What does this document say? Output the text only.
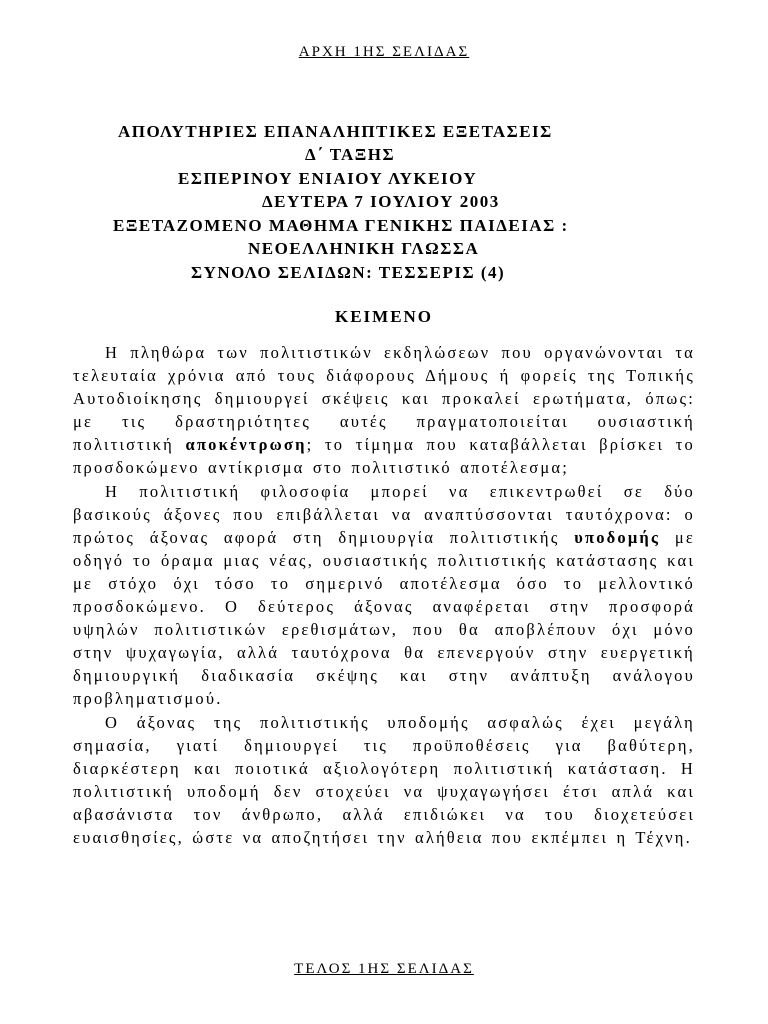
ΑΡΧΗ 1ΗΣ ΣΕΛΙΔΑΣ
ΑΠΟΛΥΤΗΡΙΕΣ ΕΠΑΝΑΛΗΠΤΙΚΕΣ ΕΞΕΤΑΣΕΙΣ
Δ΄ ΤΑΞΗΣ
ΕΣΠΕΡΙΝΟΥ ΕΝΙΑΙΟΥ ΛΥΚΕΙΟΥ
ΔΕΥΤΕΡΑ 7 ΙΟΥΛΙΟΥ 2003
ΕΞΕΤΑΖΟΜΕΝΟ ΜΑΘΗΜΑ ΓΕΝΙΚΗΣ ΠΑΙΔΕΙΑΣ :
ΝΕΟΕΛΛΗΝΙΚΗ ΓΛΩΣΣΑ
ΣΥΝΟΛΟ ΣΕΛΙΔΩΝ: ΤΕΣΣΕΡΙΣ (4)
ΚΕΙΜΕΝΟ

Η πληθώρα των πολιτιστικών εκδηλώσεων που οργανώνονται τα τελευταία χρόνια από τους διάφορους Δήμους ή φορείς της Τοπικής Αυτοδιοίκησης δημιουργεί σκέψεις και προκαλεί ερωτήματα, όπως: με τις δραστηριότητες αυτές πραγματοποιείται ουσιαστική πολιτιστική αποκέντρωση; το τίμημα που καταβάλλεται βρίσκει το προσδοκώμενο αντίκρισμα στο πολιτιστικό αποτέλεσμα;

Η πολιτιστική φιλοσοφία μπορεί να επικεντρωθεί σε δύο βασικούς άξονες που επιβάλλεται να αναπτύσσονται ταυτόχρονα: ο πρώτος άξονας αφορά στη δημιουργία πολιτιστικής υποδομής με οδηγό το όραμα μιας νέας, ουσιαστικής πολιτιστικής κατάστασης και με στόχο όχι τόσο το σημερινό αποτέλεσμα όσο το μελλοντικό προσδοκώμενο. Ο δεύτερος άξονας αναφέρεται στην προσφορά υψηλών πολιτιστικών ερεθισμάτων, που θα αποβλέπουν όχι μόνο στην ψυχαγωγία, αλλά ταυτόχρονα θα επενεργούν στην ευεργετική δημιουργική διαδικασία σκέψης και στην ανάπτυξη ανάλογου προβληματισμού.

Ο άξονας της πολιτιστικής υποδομής ασφαλώς έχει μεγάλη σημασία, γιατί δημιουργεί τις προϋποθέσεις για βαθύτερη, διαρκέστερη και ποιοτικά αξιολογότερη πολιτιστική κατάσταση. Η πολιτιστική υποδομή δεν στοχεύει να ψυχαγωγήσει έτσι απλά και αβασάνιστα τον άνθρωπο, αλλά επιδιώκει να του διοχετεύσει ευαισθησίες, ώστε να αποζητήσει την αλήθεια που εκπέμπει η Τέχνη.

ΤΕΛΟΣ 1ΗΣ ΣΕΛΙΔΑΣ
